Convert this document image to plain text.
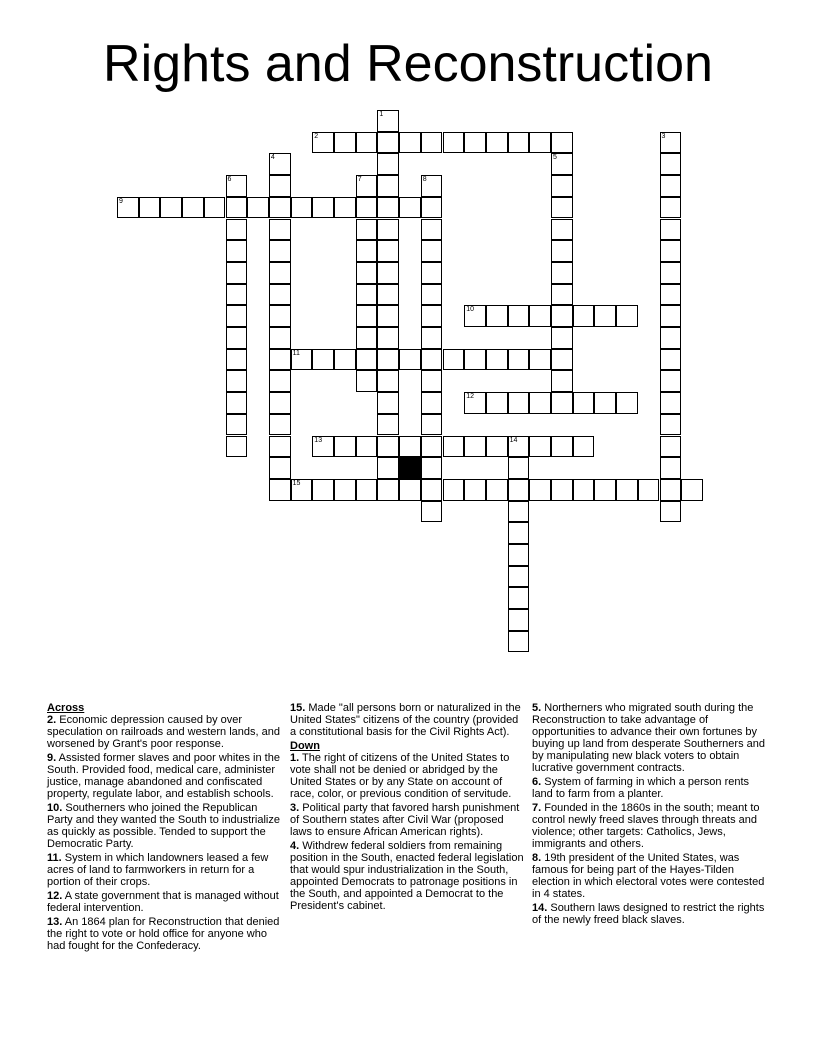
Rights and Reconstruction
1
2	3
4	5
6	7	8
9
10
11
12
13	14
15
Across
2. Economic depression caused by over speculation on railroads and western lands, and worsened by Grant's poor response.
9. Assisted former slaves and poor whites in the South. Provided food, medical care, administer justice, manage abandoned and confiscated property, regulate labor, and establish schools.
10. Southerners who joined the Republican Party and they wanted the South to industrialize as quickly as possible. Tended to support the Democratic Party.
11. System in which landowners leased a few acres of land to farmworkers in return for a portion of their crops.
12. A state government that is managed without federal intervention.
13. An 1864 plan for Reconstruction that denied the right to vote or hold office for anyone who had fought for the Confederacy.
15. Made "all persons born or naturalized in the United States" citizens of the country (provided a constitutional basis for the Civil Rights Act).
Down
1. The right of citizens of the United States to vote shall not be denied or abridged by the United States or by any State on account of race, color, or previous condition of servitude.
3. Political party that favored harsh punishment of Southern states after Civil War (proposed laws to ensure African American rights).
4. Withdrew federal soldiers from remaining position in the South, enacted federal legislation that would spur industrialization in the South, appointed Democrats to patronage positions in the South, and appointed a Democrat to the President's cabinet.
5. Northerners who migrated south during the Reconstruction to take advantage of opportunities to advance their own fortunes by buying up land from desperate Southerners and by manipulating new black voters to obtain lucrative government contracts.
6. System of farming in which a person rents land to farm from a planter.
7. Founded in the 1860s in the south; meant to control newly freed slaves through threats and violence; other targets: Catholics, Jews, immigrants and others.
8. 19th president of the United States, was famous for being part of the Hayes-Tilden election in which electoral votes were contested in 4 states.
14. Southern laws designed to restrict the rights of the newly freed black slaves.
